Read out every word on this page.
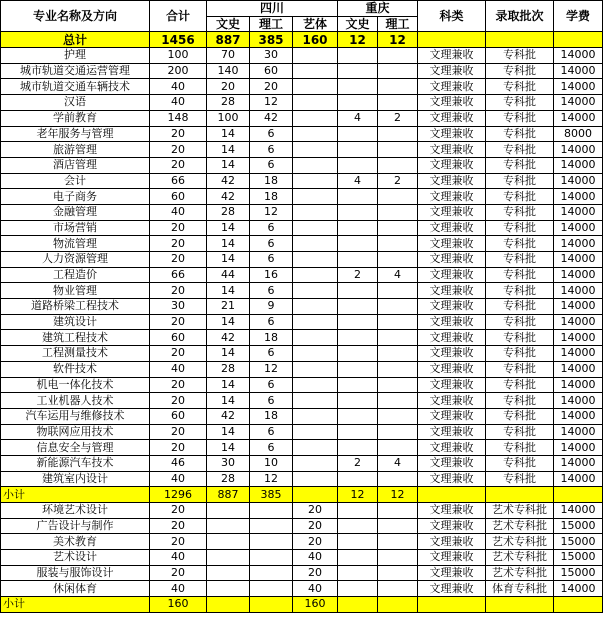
专业名称及方向	合计	四川			重庆		科类	录取批次	学费
		文史	理工	艺体	文史	理工			
总计	1456	887	385	160	12	12			
护理	100	70	30				文理兼收	专科批	14000
城市轨道交通运营管理	200	140	60				文理兼收	专科批	14000
城市轨道交通车辆技术	40	20	20				文理兼收	专科批	14000
汉语	40	28	12				文理兼收	专科批	14000
学前教育	148	100	42		4	2	文理兼收	专科批	14000
老年服务与管理	20	14	6				文理兼收	专科批	8000
旅游管理	20	14	6				文理兼收	专科批	14000
酒店管理	20	14	6				文理兼收	专科批	14000
会计	66	42	18		4	2	文理兼收	专科批	14000
电子商务	60	42	18				文理兼收	专科批	14000
金融管理	40	28	12				文理兼收	专科批	14000
市场营销	20	14	6				文理兼收	专科批	14000
物流管理	20	14	6				文理兼收	专科批	14000
人力资源管理	20	14	6				文理兼收	专科批	14000
工程造价	66	44	16		2	4	文理兼收	专科批	14000
物业管理	20	14	6				文理兼收	专科批	14000
道路桥梁工程技术	30	21	9				文理兼收	专科批	14000
建筑设计	20	14	6				文理兼收	专科批	14000
建筑工程技术	60	42	18				文理兼收	专科批	14000
工程测量技术	20	14	6				文理兼收	专科批	14000
软件技术	40	28	12				文理兼收	专科批	14000
机电一体化技术	20	14	6				文理兼收	专科批	14000
工业机器人技术	20	14	6				文理兼收	专科批	14000
汽车运用与维修技术	60	42	18				文理兼收	专科批	14000
物联网应用技术	20	14	6				文理兼收	专科批	14000
信息安全与管理	20	14	6				文理兼收	专科批	14000
新能源汽车技术	46	30	10		2	4	文理兼收	专科批	14000
建筑室内设计	40	28	12				文理兼收	专科批	14000
小计	1296	887	385		12	12			
环境艺术设计	20			20			文理兼收	艺术专科批	14000
广告设计与制作	20			20			文理兼收	艺术专科批	15000
美术教育	20			20			文理兼收	艺术专科批	15000
艺术设计	40			40			文理兼收	艺术专科批	15000
服装与服饰设计	20			20			文理兼收	艺术专科批	15000
休闲体育	40			40			文理兼收	体育专科批	14000
小计	160			160					
